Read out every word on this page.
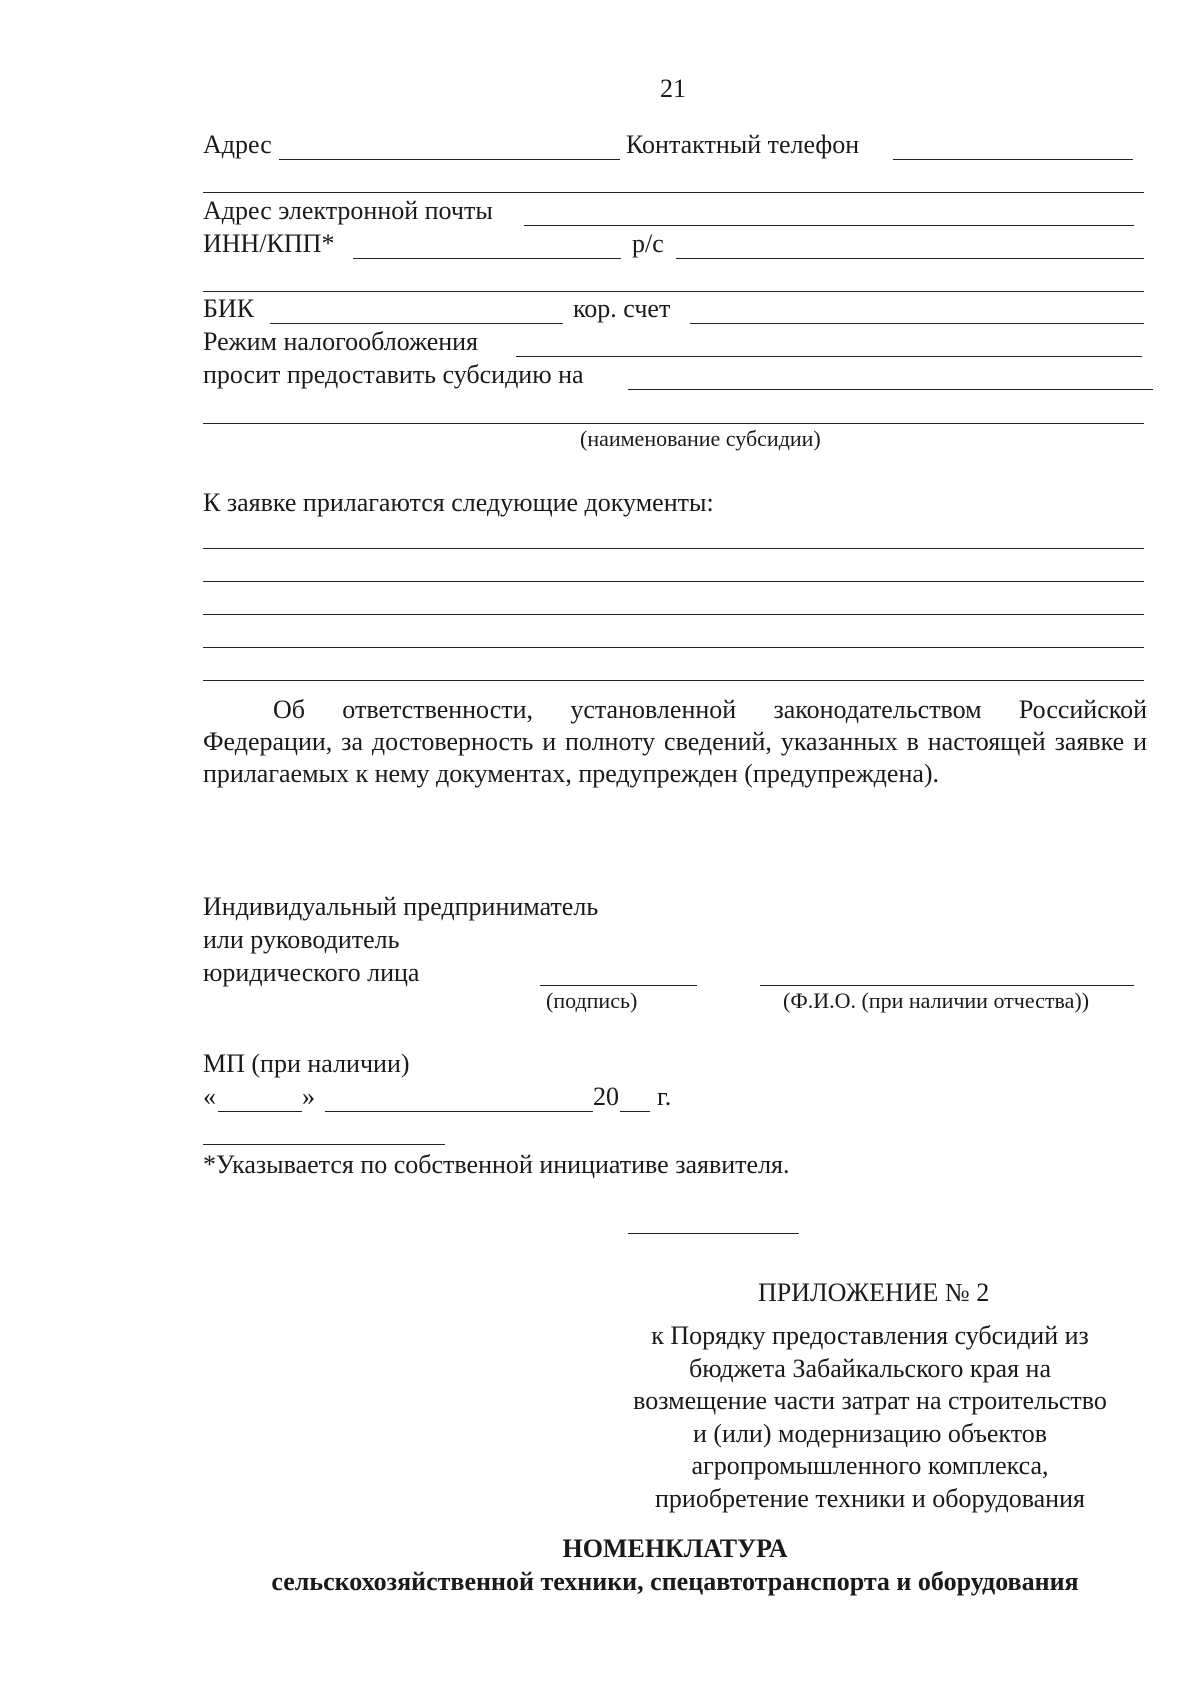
21
Адрес	Контактный телефон
Адрес электронной почты
ИНН/КПП*	р/с
БИК	кор. счет
Режим налогообложения
просит предоставить субсидию на
(наименование субсидии)
К заявке прилагаются следующие документы:

Об ответственности, установленной законодательством Российской Федерации, за достоверность и полноту сведений, указанных в настоящей заявке и прилагаемых к нему документах, предупрежден (предупреждена).

Индивидуальный предприниматель
или руководитель
юридического лица
(подпись)	(Ф.И.О. (при наличии отчества))
МП (при наличии)
«	»	20 г.
*Указывается по собственной инициативе заявителя.
ПРИЛОЖЕНИЕ № 2
к Порядку предоставления субсидий из
бюджета Забайкальского края на
возмещение части затрат на строительство
и (или) модернизацию объектов
агропромышленного комплекса,
приобретение техники и оборудования
НОМЕНКЛАТУРА
сельскохозяйственной техники, спецавтотранспорта и оборудования
